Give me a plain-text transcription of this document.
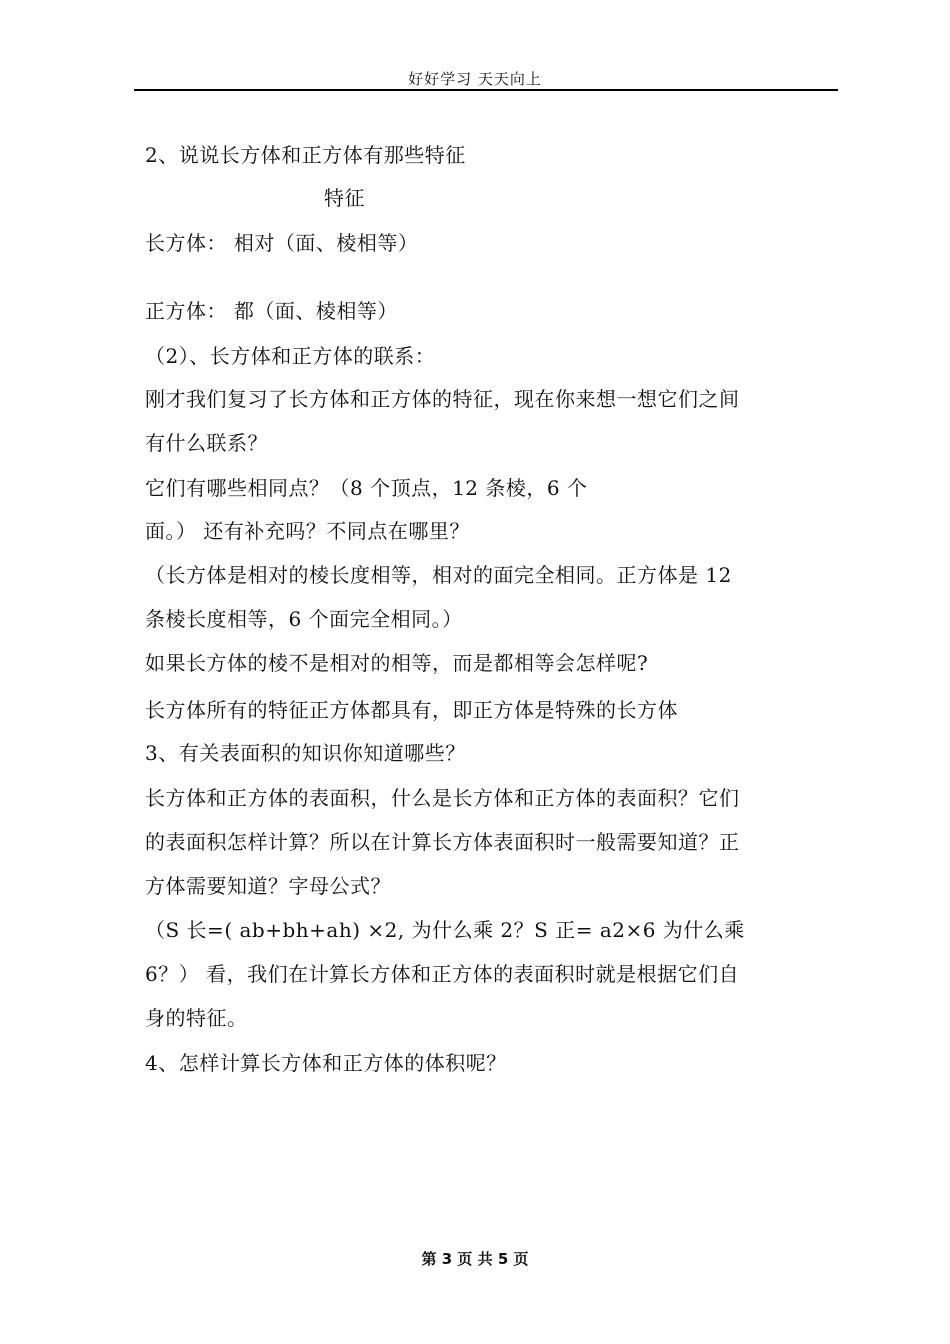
好好学习 天天向上
2、说说长方体和正方体有那些特征
特征
长方体： 相对（面、棱相等）
正方体： 都（面、棱相等）
（2）、长方体和正方体的联系：
刚才我们复习了长方体和正方体的特征，现在你来想一想它们之间
有什么联系？
它们有哪些相同点？（8 个顶点，12 条棱，6 个
面。） 还有补充吗？不同点在哪里？
（长方体是相对的棱长度相等，相对的面完全相同。正方体是 12
条棱长度相等，6 个面完全相同。）
如果长方体的棱不是相对的相等，而是都相等会怎样呢?
长方体所有的特征正方体都具有，即正方体是特殊的长方体
3、有关表面积的知识你知道哪些？
长方体和正方体的表面积，什么是长方体和正方体的表面积？它们
的表面积怎样计算？所以在计算长方体表面积时一般需要知道？正
方体需要知道？字母公式？
（S 长=( ab+bh+ah) ×2, 为什么乘 2？S 正= a2×6 为什么乘
6？） 看，我们在计算长方体和正方体的表面积时就是根据它们自
身的特征。
4、怎样计算长方体和正方体的体积呢？
第 3 页 共 5 页
